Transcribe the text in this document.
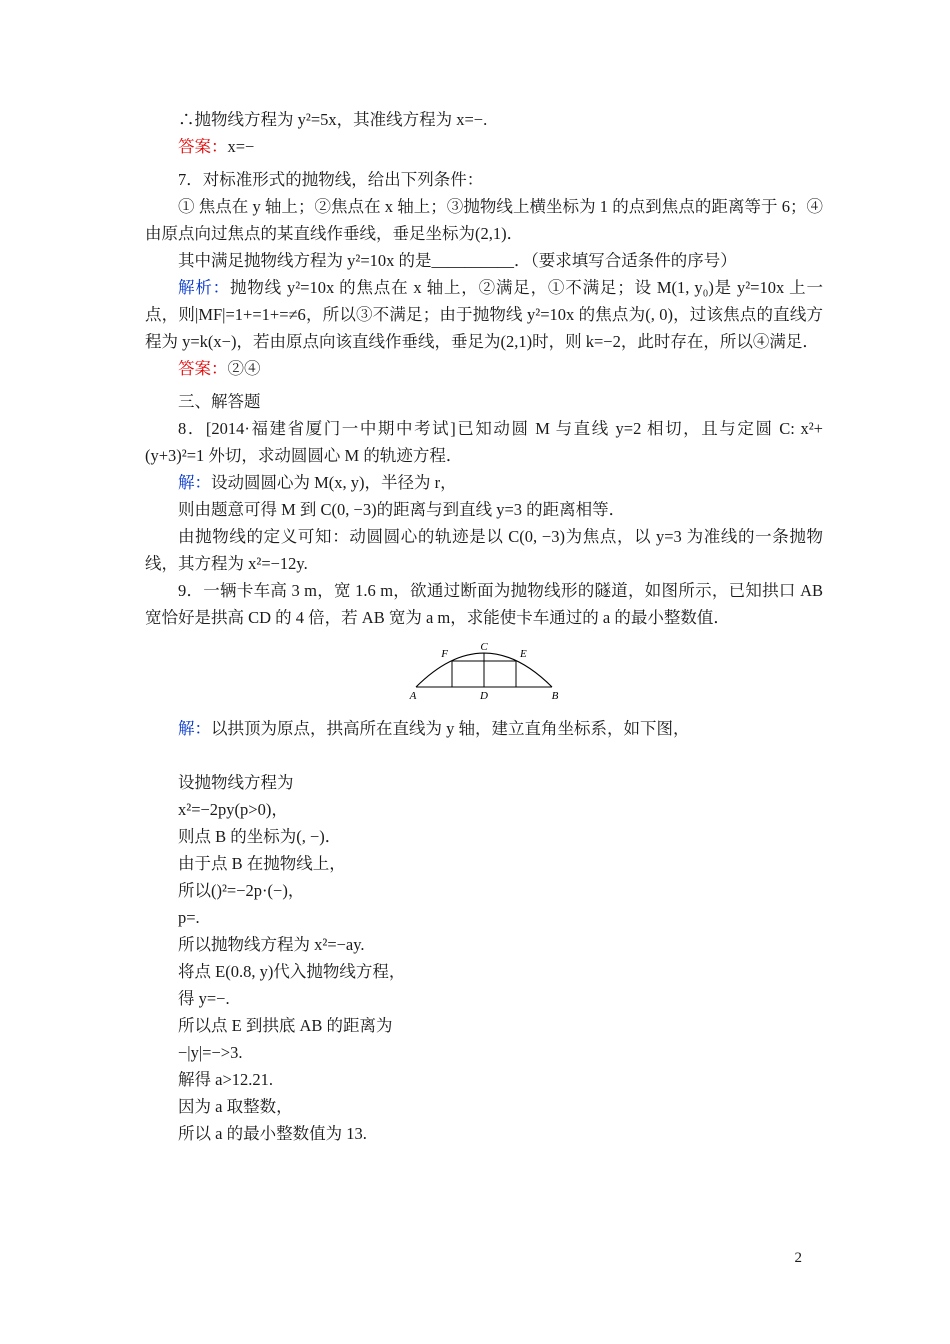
∴抛物线方程为 y²=5x，其准线方程为 x=−.

答案：x=−

7．对标准形式的抛物线，给出下列条件：

① 焦点在 y 轴上；②焦点在 x 轴上；③抛物线上横坐标为 1 的点到焦点的距离等于 6；④由原点向过焦点的某直线作垂线，垂足坐标为(2,1)．

其中满足抛物线方程为 y²=10x 的是__________．（要求填写合适条件的序号）

解析：抛物线 y²=10x 的焦点在 x 轴上，②满足，①不满足；设 M(1, y₀)是 y²=10x 上一点，则|MF|=1+=1+=≠6，所以③不满足；由于抛物线 y²=10x 的焦点为(, 0)，过该焦点的直线方程为 y=k(x−)，若由原点向该直线作垂线，垂足为(2,1)时，则 k=−2，此时存在，所以④满足．

答案：②④

三、解答题

8．[2014·福建省厦门一中期中考试]已知动圆 M 与直线 y=2 相切，且与定圆 C: x²+(y+3)²=1 外切，求动圆圆心 M 的轨迹方程．

解：设动圆圆心为 M(x, y)，半径为 r，

则由题意可得 M 到 C(0, −3)的距离与到直线 y=3 的距离相等．

由抛物线的定义可知：动圆圆心的轨迹是以 C(0, −3)为焦点，以 y=3 为准线的一条抛物线，其方程为 x²=−12y.

9．一辆卡车高 3 m，宽 1.6 m，欲通过断面为抛物线形的隧道，如图所示，已知拱口 AB 宽恰好是拱高 CD 的 4 倍，若 AB 宽为 a m，求能使卡车通过的 a 的最小整数值．

C
F	E
A	D	B

解：以拱顶为原点，拱高所在直线为 y 轴，建立直角坐标系，如下图，

设抛物线方程为

x²=−2py(p>0)，

则点 B 的坐标为(, −)．

由于点 B 在抛物线上，

所以()²=−2p·(−)，

p=.

所以抛物线方程为 x²=−ay.

将点 E(0.8, y)代入抛物线方程，

得 y=−.

所以点 E 到拱底 AB 的距离为

−|y|=−>3.

解得 a>12.21.

因为 a 取整数，

所以 a 的最小整数值为 13.

2
